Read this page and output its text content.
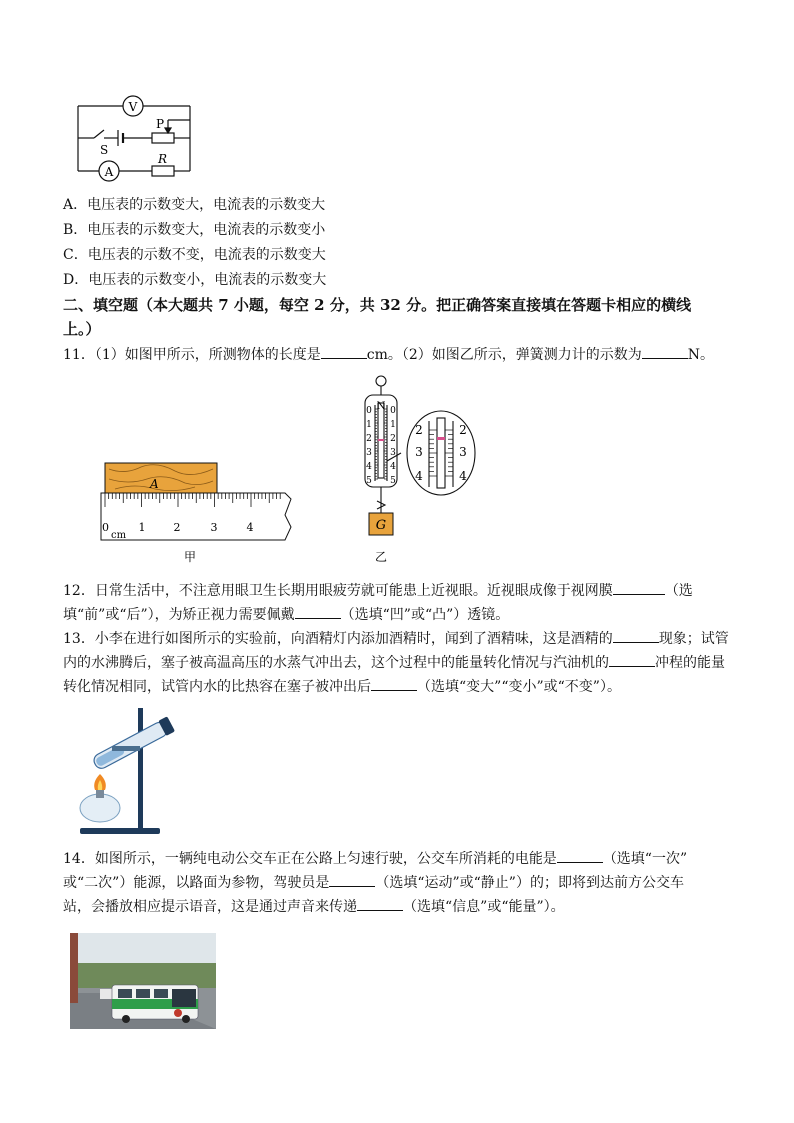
V
A
S
P
R
A．电压表的示数变大，电流表的示数变大
B．电压表的示数变大，电流表的示数变小
C．电压表的示数不变，电流表的示数变大
D．电压表的示数变小，电流表的示数变大
二、填空题（本大题共 7 小题，每空 2 分，共 32 分。把正确答案直接填在答题卡相应的横线
上。）
11．（1）如图甲所示，所测物体的长度是	cm。（2）如图乙所示，弹簧测力计的示数为	N。
A
0	1	2	3	4
cm
甲
N
0
1
2
3
4
5
0
1
2
3
4
5
2
3
4
2
3
4
G
乙
12．日常生活中，不注意用眼卫生长期用眼疲劳就可能患上近视眼。近视眼成像于视网膜	（选
填“前”或“后”），为矫正视力需要佩戴	（选填“凹”或“凸”）透镜。
13．小李在进行如图所示的实验前，向酒精灯内添加酒精时，闻到了酒精味，这是酒精的	现象；试管
内的水沸腾后，塞子被高温高压的水蒸气冲出去，这个过程中的能量转化情况与汽油机的	冲程的能量
转化情况相同，试管内水的比热容在塞子被冲出后	（选填“变大”“变小”或“不变”）。
14．如图所示，一辆纯电动公交车正在公路上匀速行驶，公交车所消耗的电能是	（选填“一次”
或“二次”）能源，以路面为参物，驾驶员是	（选填“运动”或“静止”）的；即将到达前方公交车
站，会播放相应提示语音，这是通过声音来传递	（选填“信息”或“能量”）。
